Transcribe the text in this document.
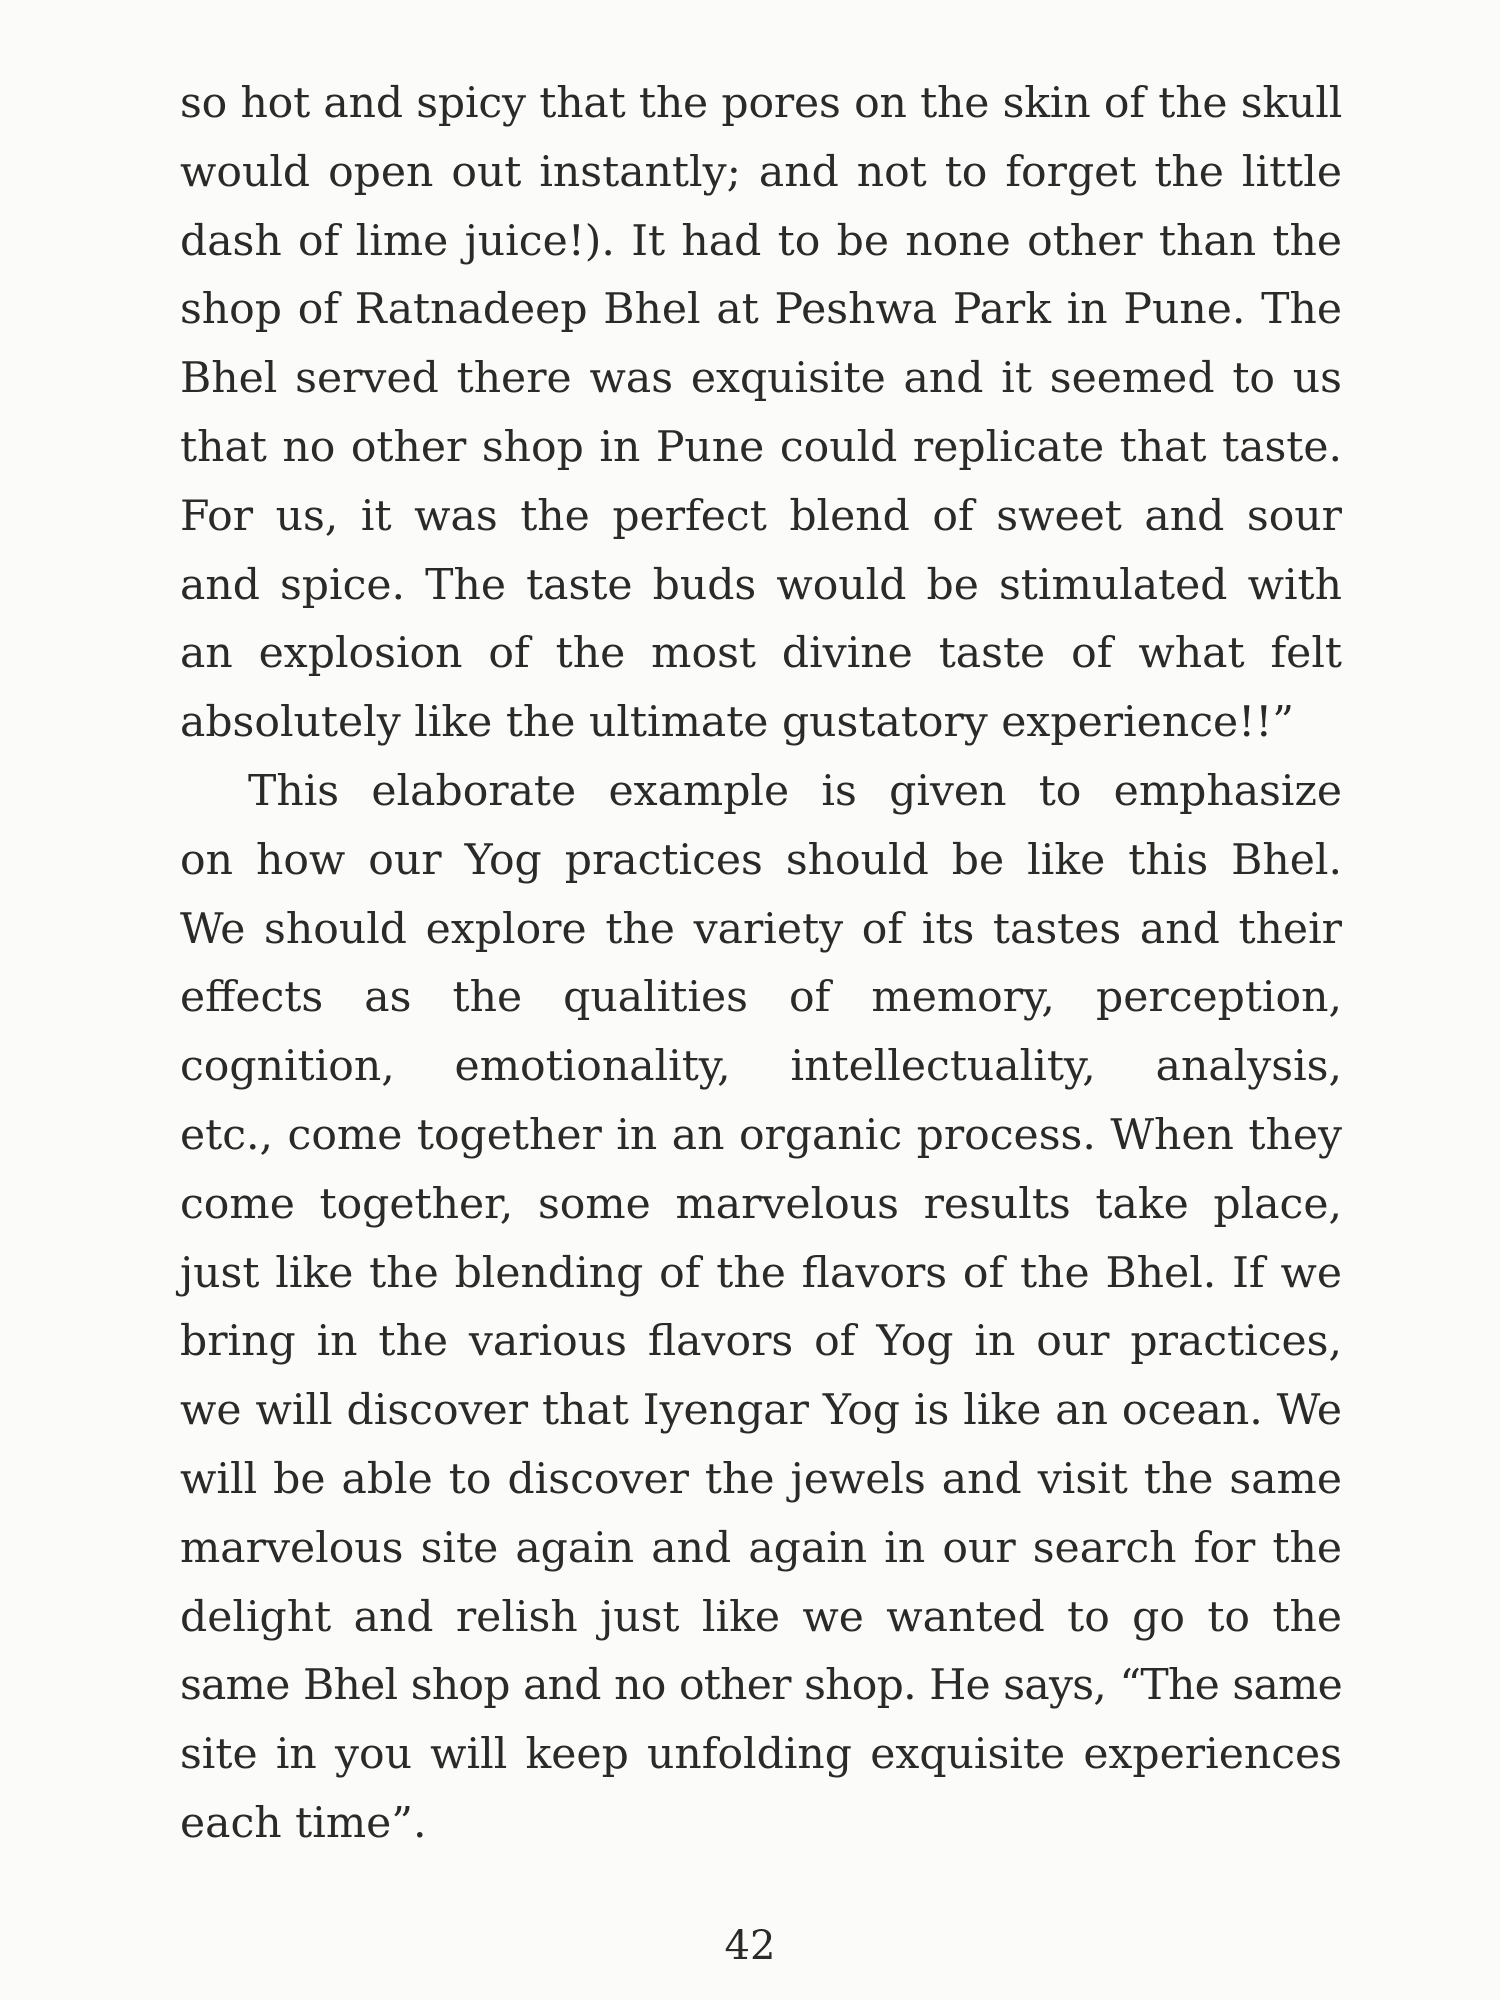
so hot and spicy that the pores on the skin of the skull
would open out instantly; and not to forget the little
dash of lime juice!). It had to be none other than the
shop of Ratnadeep Bhel at Peshwa Park in Pune. The
Bhel served there was exquisite and it seemed to us
that no other shop in Pune could replicate that taste.
For us, it was the perfect blend of sweet and sour
and spice. The taste buds would be stimulated with
an explosion of the most divine taste of what felt
absolutely like the ultimate gustatory experience!!”
This elaborate example is given to emphasize
on how our Yog practices should be like this Bhel.
We should explore the variety of its tastes and their
effects as the qualities of memory, perception,
cognition, emotionality, intellectuality, analysis,
etc., come together in an organic process. When they
come together, some marvelous results take place,
just like the blending of the flavors of the Bhel. If we
bring in the various flavors of Yog in our practices,
we will discover that Iyengar Yog is like an ocean. We
will be able to discover the jewels and visit the same
marvelous site again and again in our search for the
delight and relish just like we wanted to go to the
same Bhel shop and no other shop. He says, “The same
site in you will keep unfolding exquisite experiences
each time”.
42
